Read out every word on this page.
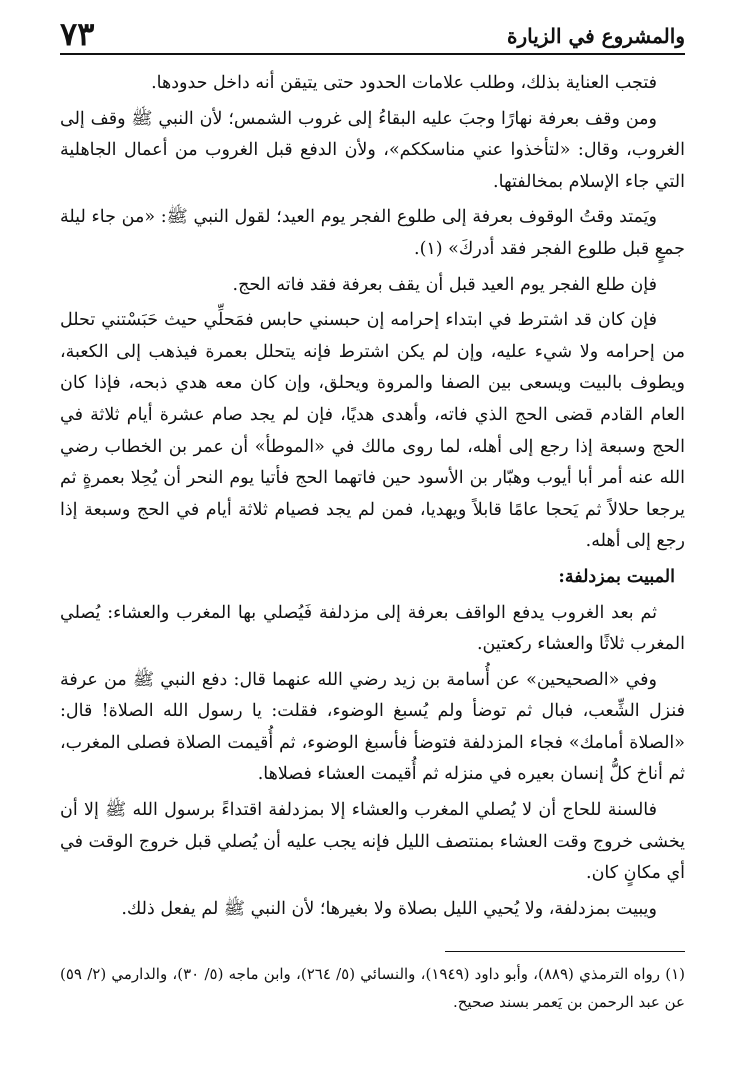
والمشروع في الزيارة
٧٣

فتجب العناية بذلك، وطلب علامات الحدود حتى يتيقن أنه داخل حدودها.

ومن وقف بعرفة نهارًا وجبَ عليه البقاءُ إلى غروب الشمس؛ لأن النبي ﷺ وقف إلى الغروب، وقال: «لتأخذوا عني مناسككم»، ولأن الدفع قبل الغروب من أعمال الجاهلية التي جاء الإسلام بمخالفتها.

ويَمتد وقتُ الوقوف بعرفة إلى طلوع الفجر يوم العيد؛ لقول النبي ﷺ: «من جاء ليلة جمعٍ قبل طلوع الفجر فقد أدركَ» (١).

فإن طلع الفجر يوم العيد قبل أن يقف بعرفة فقد فاته الحج.

فإن كان قد اشترط في ابتداء إحرامه إن حبسني حابس فمَحلِّي حيث حَبَسْتني تحلل من إحرامه ولا شيء عليه، وإن لم يكن اشترط فإنه يتحلل بعمرة فيذهب إلى الكعبة، ويطوف بالبيت ويسعى بين الصفا والمروة ويحلق، وإن كان معه هدي ذبحه، فإذا كان العام القادم قضى الحج الذي فاته، وأهدى هديًا، فإن لم يجد صام عشرة أيام ثلاثة في الحج وسبعة إذا رجع إلى أهله، لما روى مالك في «الموطأ» أن عمر بن الخطاب رضي الله عنه أمر أبا أيوب وهبّار بن الأسود حين فاتهما الحج فأتيا يوم النحر أن يُحِلا بعمرةٍ ثم يرجعا حلالاً ثم يَحجا عامًا قابلاً ويهديا، فمن لم يجد فصيام ثلاثة أيام في الحج وسبعة إذا رجع إلى أهله.

المبيت بمزدلفة:

ثم بعد الغروب يدفع الواقف بعرفة إلى مزدلفة فَيُصلي بها المغرب والعشاء: يُصلي المغرب ثلاثًا والعشاء ركعتين.

وفي «الصحيحين» عن أُسامة بن زيد رضي الله عنهما قال: دفع النبي ﷺ من عرفة فنزل الشِّعب، فبال ثم توضأ ولم يُسبغ الوضوء، فقلت: يا رسول الله الصلاة! قال: «الصلاة أمامك» فجاء المزدلفة فتوضأ فأسبغ الوضوء، ثم أُقيمت الصلاة فصلى المغرب، ثم أناخ كلُّ إنسان بعيره في منزله ثم أُقيمت العشاء فصلاها.

فالسنة للحاج أن لا يُصلي المغرب والعشاء إلا بمزدلفة اقتداءً برسول الله ﷺ إلا أن يخشى خروج وقت العشاء بمنتصف الليل فإنه يجب عليه أن يُصلي قبل خروج الوقت في أي مكانٍ كان.

ويبيت بمزدلفة، ولا يُحيي الليل بصلاة ولا بغيرها؛ لأن النبي ﷺ لم يفعل ذلك.

(١) رواه الترمذي (٨٨٩)، وأبو داود (١٩٤٩)، والنسائي (٥/ ٢٦٤)، وابن ماجه (٥/ ٣٠)، والدارمي (٢/ ٥٩) عن عبد الرحمن بن يَعمر بسند صحيح.
